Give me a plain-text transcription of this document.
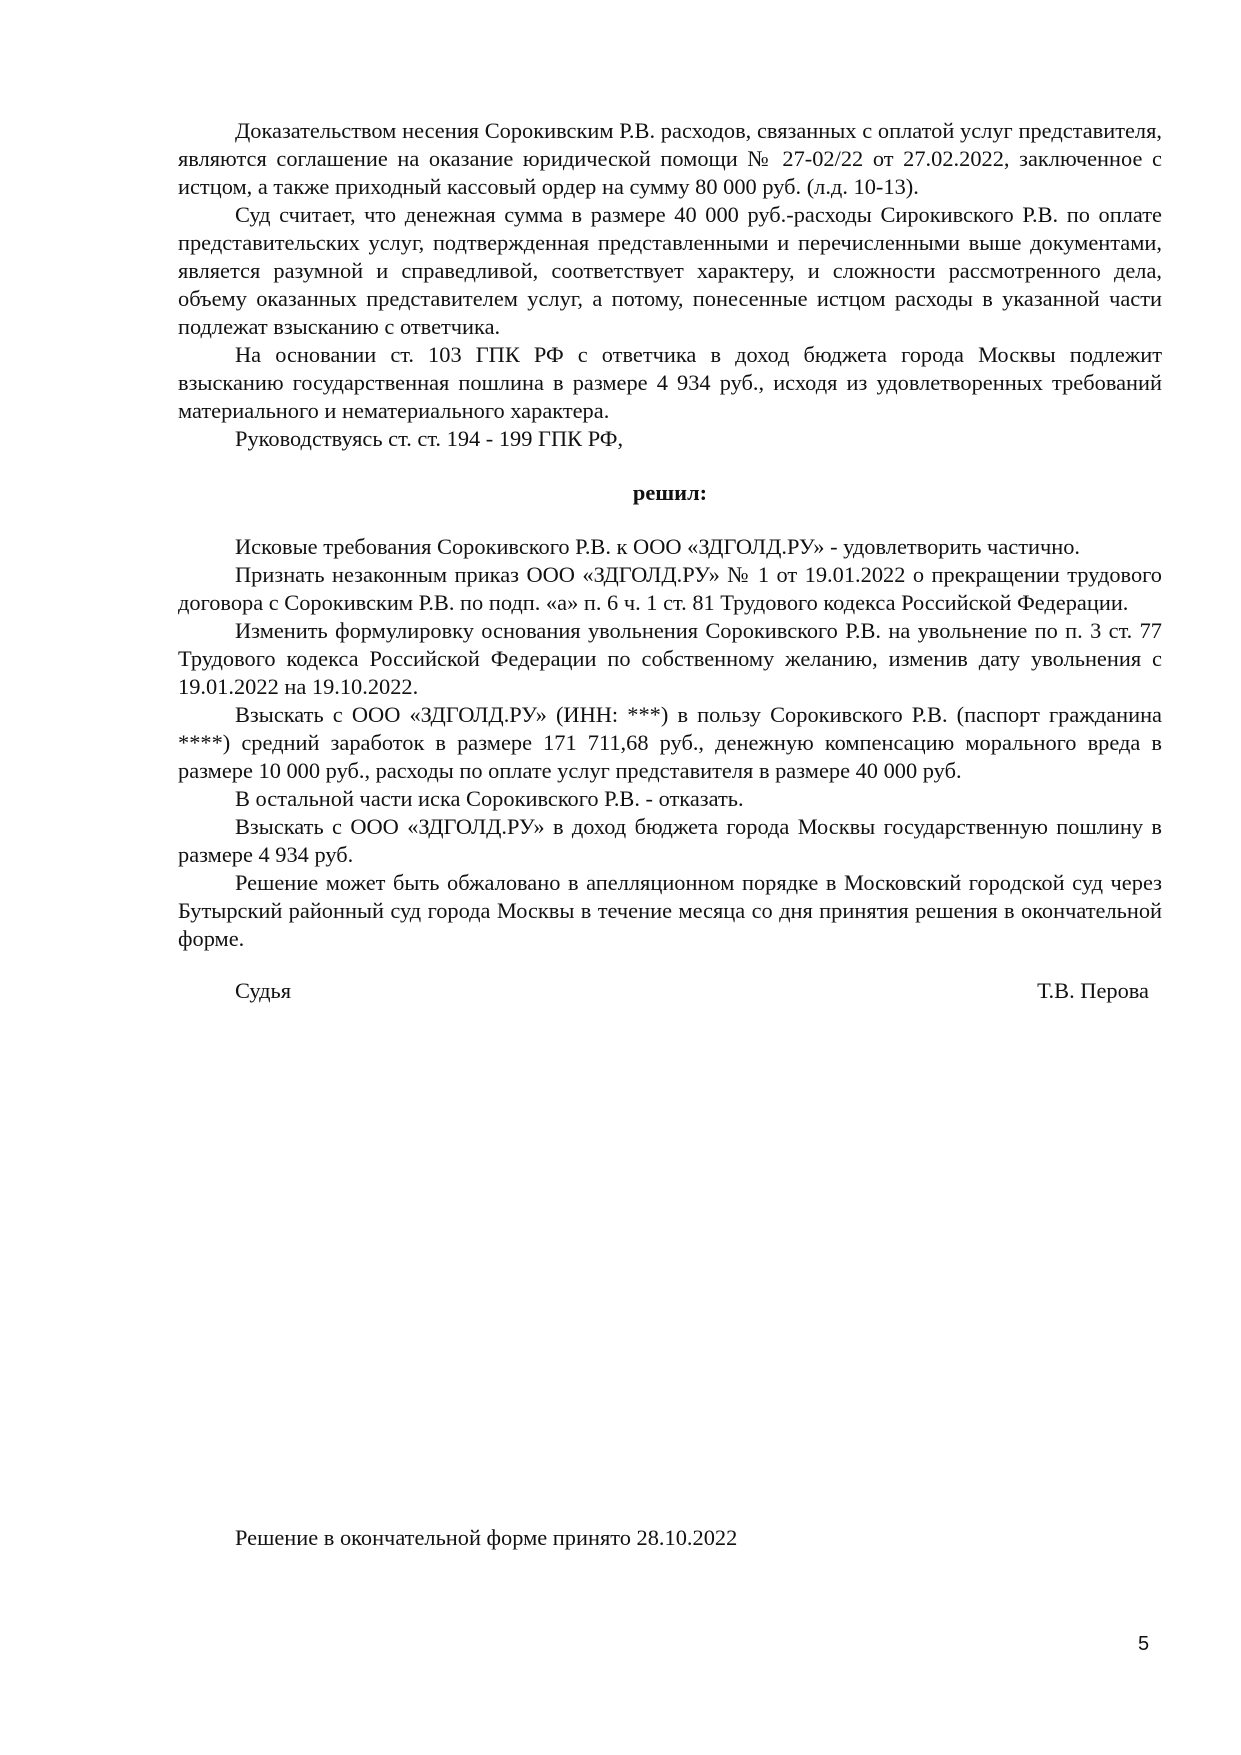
Доказательством несения Сорокивским Р.В. расходов, связанных с оплатой услуг представителя, являются соглашение на оказание юридической помощи № 27-02/22 от 27.02.2022, заключенное с истцом, а также приходный кассовый ордер на сумму 80 000 руб. (л.д. 10-13).

Суд считает, что денежная сумма в размере 40 000 руб.-расходы Сирокивского Р.В. по оплате представительских услуг, подтвержденная представленными и перечисленными выше документами, является разумной и справедливой, соответствует характеру, и сложности рассмотренного дела, объему оказанных представителем услуг, а потому, понесенные истцом расходы в указанной части подлежат взысканию с ответчика.

На основании ст. 103 ГПК РФ с ответчика в доход бюджета города Москвы подлежит взысканию государственная пошлина в размере 4 934 руб., исходя из удовлетворенных требований материального и нематериального характера.

Руководствуясь ст. ст. 194 - 199 ГПК РФ,

решил:

Исковые требования Сорокивского Р.В. к ООО «ЗДГОЛД.РУ» - удовлетворить частично.

Признать незаконным приказ ООО «ЗДГОЛД.РУ» № 1 от 19.01.2022 о прекращении трудового договора с Сорокивским Р.В. по подп. «а» п. 6 ч. 1 ст. 81 Трудового кодекса Российской Федерации.

Изменить формулировку основания увольнения Сорокивского Р.В. на увольнение по п. 3 ст. 77 Трудового кодекса Российской Федерации по собственному желанию, изменив дату увольнения с 19.01.2022 на 19.10.2022.

Взыскать с ООО «ЗДГОЛД.РУ» (ИНН: ***) в пользу Сорокивского Р.В. (паспорт гражданина ****) средний заработок в размере 171 711,68 руб., денежную компенсацию морального вреда в размере 10 000 руб., расходы по оплате услуг представителя в размере 40 000 руб.

В остальной части иска Сорокивского Р.В. - отказать.

Взыскать с ООО «ЗДГОЛД.РУ» в доход бюджета города Москвы государственную пошлину в размере 4 934 руб.

Решение может быть обжаловано в апелляционном порядке в Московский городской суд через Бутырский районный суд города Москвы в течение месяца со дня принятия решения в окончательной форме.

Судья	Т.В. Перова
Решение в окончательной форме принято 28.10.2022
5
